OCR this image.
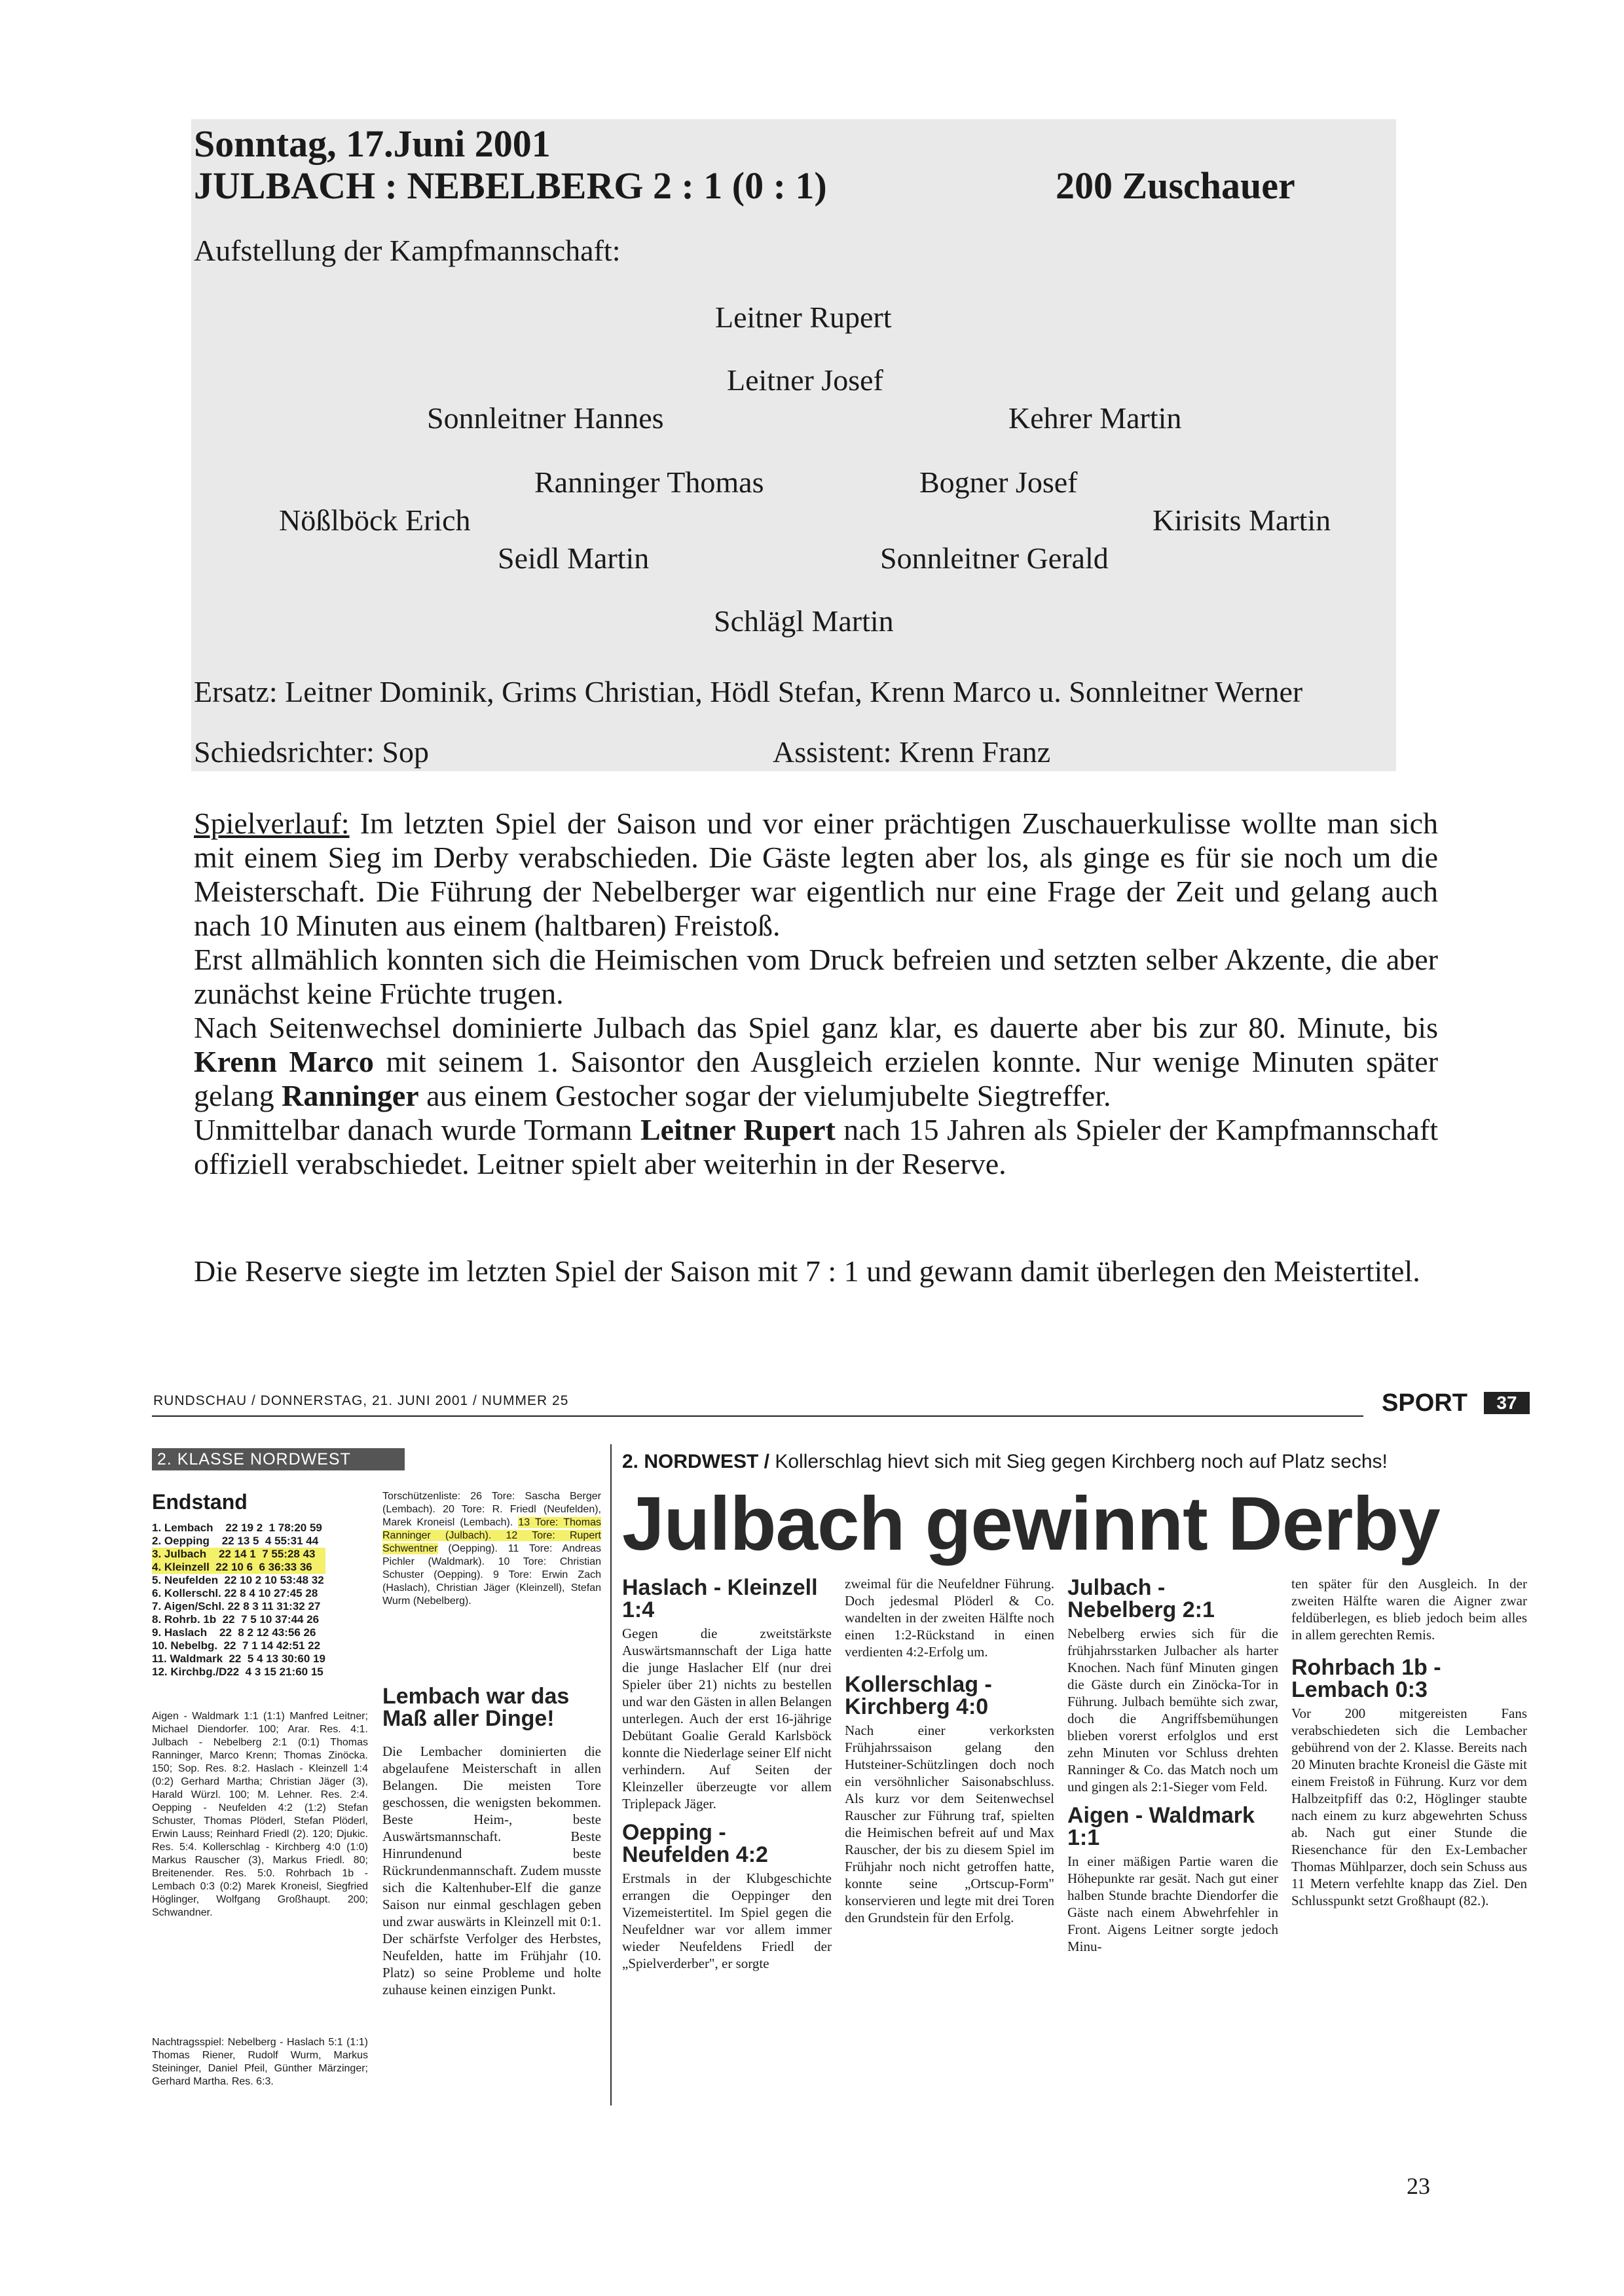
Sonntag, 17.Juni 2001
JULBACH : NEBELBERG 2 : 1 (0 : 1)	200 Zuschauer
Aufstellung der Kampfmannschaft:
Leitner Rupert
Leitner Josef
Sonnleitner Hannes	Kehrer Martin
Ranninger Thomas	Bogner Josef
Nößlböck Erich	Kirisits Martin
Seidl Martin	Sonnleitner Gerald
Schlägl Martin
Ersatz: Leitner Dominik, Grims Christian, Hödl Stefan, Krenn Marco u. Sonnleitner Werner
Schiedsrichter: Sop	Assistent: Krenn Franz

Spielverlauf: Im letzten Spiel der Saison und vor einer prächtigen Zuschauerkulisse wollte man sich mit einem Sieg im Derby verabschieden. Die Gäste legten aber los, als ginge es für sie noch um die Meisterschaft. Die Führung der Nebelberger war eigentlich nur eine Frage der Zeit und gelang auch nach 10 Minuten aus einem (haltbaren) Freistoß.

Erst allmählich konnten sich die Heimischen vom Druck befreien und setzten selber Akzente, die aber zunächst keine Früchte trugen.

Nach Seitenwechsel dominierte Julbach das Spiel ganz klar, es dauerte aber bis zur 80. Minute, bis Krenn Marco mit seinem 1. Saisontor den Ausgleich erzielen konnte. Nur wenige Minuten später gelang Ranninger aus einem Gestocher sogar der vielumjubelte Siegtreffer.

Unmittelbar danach wurde Tormann Leitner Rupert nach 15 Jahren als Spieler der Kampfmannschaft offiziell verabschiedet. Leitner spielt aber weiterhin in der Reserve.

Die Reserve siegte im letzten Spiel der Saison mit 7 : 1 und gewann damit überlegen den Meistertitel.
RUNDSCHAU / DONNERSTAG, 21. JUNI 2001 / NUMMER 25	SPORT	37
2. KLASSE NORDWEST	2. NORDWEST / Kollerschlag hievt sich mit Sieg gegen Kirchberg noch auf Platz sechs!
Julbach gewinnt Derby
Endstand
1. Lembach    22 19 2  1 78:20 59
2. Oepping    22 13 5  4 55:31 44
3. Julbach    22 14 1  7 55:28 43
4. Kleinzell  22 10 6  6 36:33 36
5. Neufelden  22 10 2 10 53:48 32
6. Kollerschl. 22 8 4 10 27:45 28
7. Aigen/Schl. 22 8 3 11 31:32 27
8. Rohrb. 1b  22  7 5 10 37:44 26
9. Haslach    22  8 2 12 43:56 26
10. Nebelbg.  22  7 1 14 42:51 22
11. Waldmark  22  5 4 13 30:60 19
12. Kirchbg./D22  4 3 15 21:60 15
Aigen - Waldmark 1:1 (1:1) Manfred Leitner; Michael Diendorfer. 100; Arar. Res. 4:1. Julbach - Nebelberg 2:1 (0:1) Thomas Ranninger, Marco Krenn; Thomas Zinöcka. 150; Sop. Res. 8:2. Haslach - Kleinzell 1:4 (0:2) Gerhard Martha; Christian Jäger (3), Harald Würzl. 100; M. Lehner. Res. 2:4. Oepping - Neufelden 4:2 (1:2) Stefan Schuster, Thomas Plöderl, Stefan Plöderl, Erwin Lauss; Reinhard Friedl (2). 120; Djukic. Res. 5:4. Kollerschlag - Kirchberg 4:0 (1:0) Markus Rauscher (3), Markus Friedl. 80; Breitenender. Res. 5:0. Rohrbach 1b - Lembach 0:3 (0:2) Marek Kroneisl, Siegfried Höglinger, Wolfgang Großhaupt. 200; Schwandner.
Nachtragsspiel: Nebelberg - Haslach 5:1 (1:1) Thomas Riener, Rudolf Wurm, Markus Steininger, Daniel Pfeil, Günther Märzinger; Gerhard Martha. Res. 6:3.
Torschützenliste: 26 Tore: Sascha Berger (Lembach). 20 Tore: R. Friedl (Neufelden), Marek Kroneisl (Lembach). 13 Tore: Thomas Ranninger (Julbach). 12 Tore: Rupert Schwentner (Oepping). 11 Tore: Andreas Pichler (Waldmark). 10 Tore: Christian Schuster (Oepping). 9 Tore: Erwin Zach (Haslach), Christian Jäger (Kleinzell), Stefan Wurm (Nebelberg).
Lembach war das Maß aller Dinge!

Die Lembacher dominierten die abgelaufene Meisterschaft in allen Belangen. Die meisten Tore geschossen, die wenigsten bekommen. Beste Heim-, beste Auswärtsmannschaft. Beste Hinrundenund beste Rückrundenmannschaft. Zudem musste sich die Kaltenhuber-Elf die ganze Saison nur einmal geschlagen geben und zwar auswärts in Kleinzell mit 0:1. Der schärfste Verfolger des Herbstes, Neufelden, hatte im Frühjahr (10. Platz) so seine Probleme und holte zuhause keinen einzigen Punkt.

Haslach - Kleinzell 1:4

Gegen die zweitstärkste Auswärtsmannschaft der Liga hatte die junge Haslacher Elf (nur drei Spieler über 21) nichts zu bestellen und war den Gästen in allen Belangen unterlegen. Auch der erst 16-jährige Debütant Goalie Gerald Karlsböck konnte die Niederlage seiner Elf nicht verhindern. Auf Seiten der Kleinzeller überzeugte vor allem Triplepack Jäger.

Oepping - Neufelden 4:2

Erstmals in der Klubgeschichte errangen die Oeppinger den Vizemeistertitel. Im Spiel gegen die Neufeldner war vor allem immer wieder Neufeldens Friedl der „Spielverderber", er sorgte

zweimal für die Neufeldner Führung. Doch jedesmal Plöderl & Co. wandelten in der zweiten Hälfte noch einen 1:2-Rückstand in einen verdienten 4:2-Erfolg um.

Kollerschlag - Kirchberg 4:0

Nach einer verkorksten Frühjahrssaison gelang den Hutsteiner-Schützlingen doch noch ein versöhnlicher Saisonabschluss. Als kurz vor dem Seitenwechsel Rauscher zur Führung traf, spielten die Heimischen befreit auf und Max Rauscher, der bis zu diesem Spiel im Frühjahr noch nicht getroffen hatte, konnte seine „Ortscup-Form" konservieren und legte mit drei Toren den Grundstein für den Erfolg.

Julbach - Nebelberg 2:1

Nebelberg erwies sich für die frühjahrsstarken Julbacher als harter Knochen. Nach fünf Minuten gingen die Gäste durch ein Zinöcka-Tor in Führung. Julbach bemühte sich zwar, doch die Angriffsbemühungen blieben vorerst erfolglos und erst zehn Minuten vor Schluss drehten Ranninger & Co. das Match noch um und gingen als 2:1-Sieger vom Feld.

Aigen - Waldmark 1:1

In einer mäßigen Partie waren die Höhepunkte rar gesät. Nach gut einer halben Stunde brachte Diendorfer die Gäste nach einem Abwehrfehler in Front. Aigens Leitner sorgte jedoch Minu-

ten später für den Ausgleich. In der zweiten Hälfte waren die Aigner zwar feldüberlegen, es blieb jedoch beim alles in allem gerechten Remis.

Rohrbach 1b - Lembach 0:3

Vor 200 mitgereisten Fans verabschiedeten sich die Lembacher gebührend von der 2. Klasse. Bereits nach 20 Minuten brachte Kroneisl die Gäste mit einem Freistoß in Führung. Kurz vor dem Halbzeitpfiff das 0:2, Höglinger staubte nach einem zu kurz abgewehrten Schuss ab. Nach gut einer Stunde die Riesenchance für den Ex-Lembacher Thomas Mühlparzer, doch sein Schuss aus 11 Metern verfehlte knapp das Ziel. Den Schlusspunkt setzt Großhaupt (82.).

23
